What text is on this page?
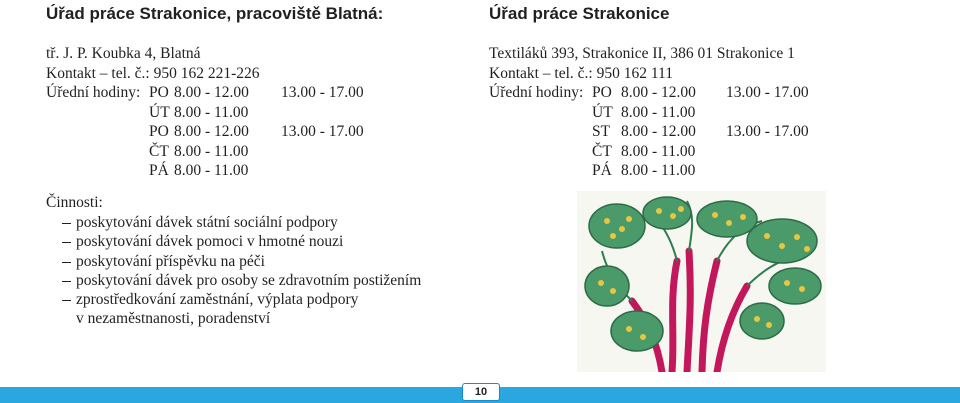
Úřad práce Strakonice, pracoviště Blatná:
tř. J. P. Koubka 4, Blatná
Kontakt – tel. č.: 950 162 221-226
Úřední hodiny: PO
ÚT
PO
ČT
PÁ
8.00 - 12.00
8.00 - 11.00
8.00 - 12.00
8.00 - 11.00
8.00 - 11.00
13.00 - 17.00
13.00 - 17.00
Činnosti:
poskytování dávek státní sociální podpory
poskytování dávek pomoci v hmotné nouzi
poskytování příspěvku na péči
poskytování dávek pro osoby se zdravotním postižením
zprostředkování zaměstnání, výplata podpory
v nezaměstnanosti, poradenství
Úřad práce Strakonice
Textiláků 393, Strakonice II, 386 01 Strakonice 1
Kontakt – tel. č.: 950 162 111
Úřední hodiny: PO
ÚT
ST
ČT
PÁ
8.00 - 12.00
8.00 - 11.00
8.00 - 12.00
8.00 - 11.00
8.00 - 11.00
13.00 - 17.00
13.00 - 17.00
10
